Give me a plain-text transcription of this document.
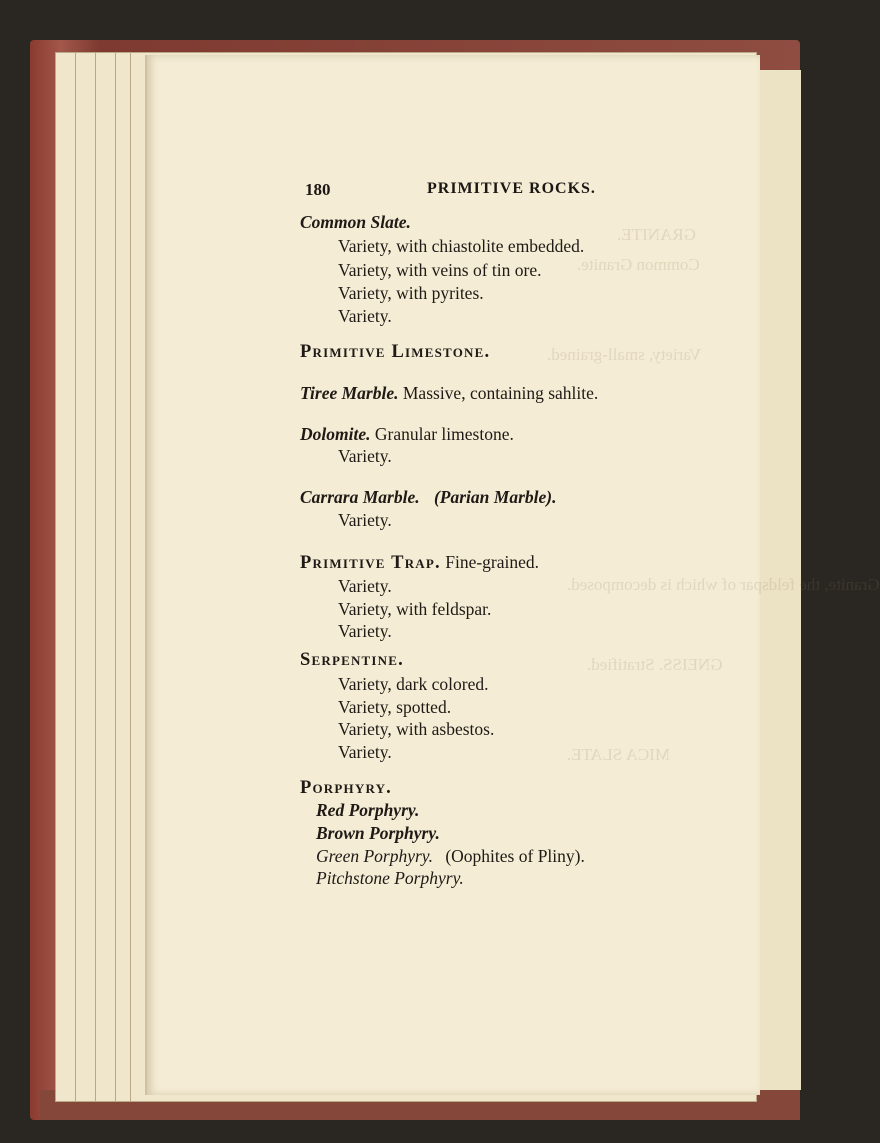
GRANITE.
Common Granite.
Variety, small-grained.
Granite, the feldspar of which is decomposed.
GNEISS. Stratified.
MICA SLATE.
180	PRIMITIVE ROCKS.
Common Slate.
Variety, with chiastolite embedded.
Variety, with veins of tin ore.
Variety, with pyrites.
Variety.
Primitive Limestone.
Tiree Marble. Massive, containing sahlite.
Dolomite. Granular limestone.
Variety.
Carrara Marble. (Parian Marble).
Variety.
Primitive Trap. Fine-grained.
Variety.
Variety, with feldspar.
Variety.
Serpentine.
Variety, dark colored.
Variety, spotted.
Variety, with asbestos.
Variety.
Porphyry.
Red Porphyry.
Brown Porphyry.
Green Porphyry. (Oophites of Pliny).
Pitchstone Porphyry.
